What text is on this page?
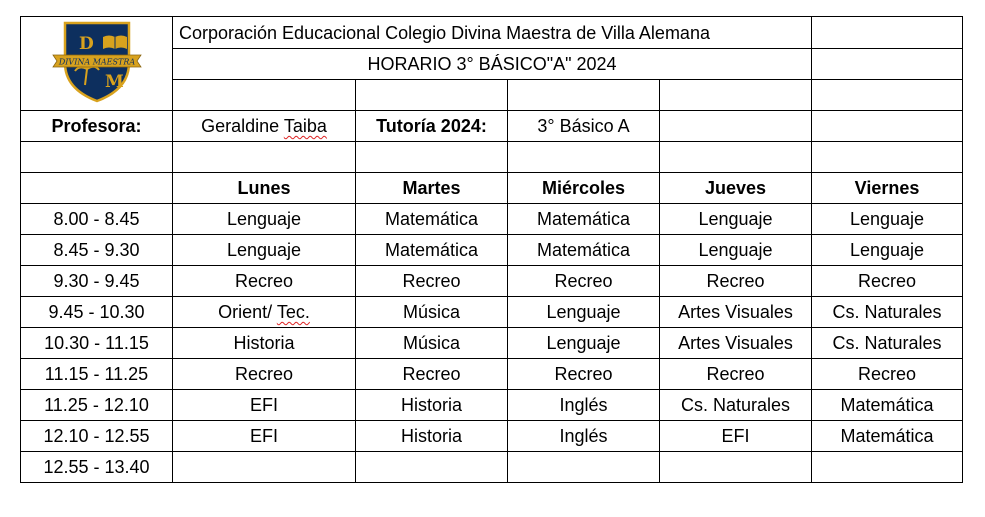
D
M
DIVINA MAESTRA	Corporación Educacional Colegio Divina Maestra de Villa Alemana				
	HORARIO 3° BÁSICO"A" 2024				

Profesora:	Geraldine Taiba	Tutoría 2024:	3° Básico A		

	Lunes	Martes	Miércoles	Jueves	Viernes
8.00 - 8.45	Lenguaje	Matemática	Matemática	Lenguaje	Lenguaje
8.45 - 9.30	Lenguaje	Matemática	Matemática	Lenguaje	Lenguaje
9.30 - 9.45	Recreo	Recreo	Recreo	Recreo	Recreo
9.45 - 10.30	Orient/ Tec.	Música	Lenguaje	Artes Visuales	Cs. Naturales
10.30 - 11.15	Historia	Música	Lenguaje	Artes Visuales	Cs. Naturales
11.15 - 11.25	Recreo	Recreo	Recreo	Recreo	Recreo
11.25 - 12.10	EFI	Historia	Inglés	Cs. Naturales	Matemática
12.10 - 12.55	EFI	Historia	Inglés	EFI	Matemática
12.55 - 13.40					
